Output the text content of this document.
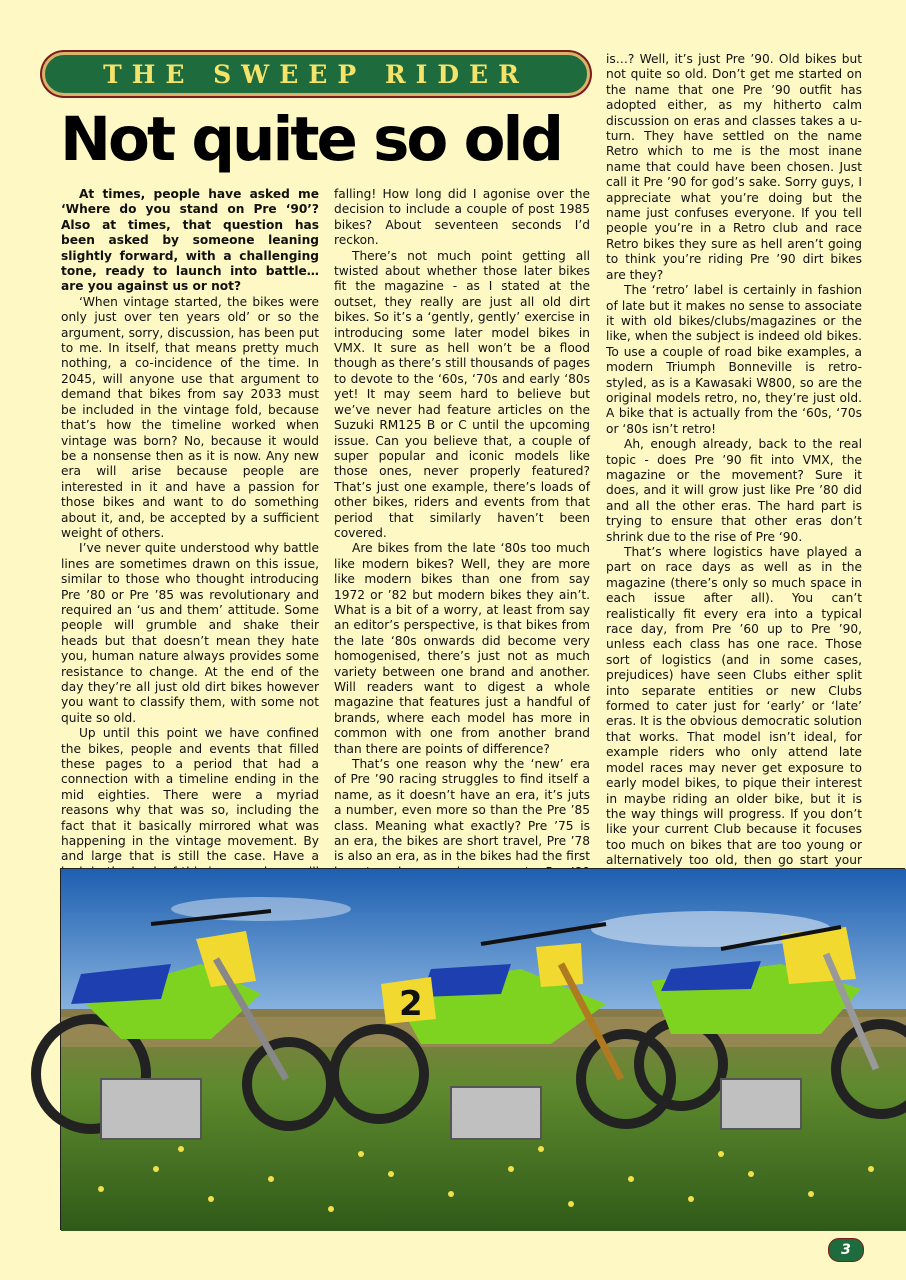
THE SWEEP RIDER
Not quite so old

At times, people have asked me ‘Where do you stand on Pre ‘90’? Also at times, that question has been asked by someone leaning slightly forward, with a challenging tone, ready to launch into battle… are you against us or not?

‘When vintage started, the bikes were only just over ten years old’ or so the argument, sorry, discussion, has been put to me. In itself, that means pretty much nothing, a co-incidence of the time. In 2045, will anyone use that argument to demand that bikes from say 2033 must be included in the vintage fold, because that’s how the timeline worked when vintage was born? No, because it would be a nonsense then as it is now. Any new era will arise because people are interested in it and have a passion for those bikes and want to do something about it, and, be accepted by a sufficient weight of others.

I’ve never quite understood why battle lines are sometimes drawn on this issue, similar to those who thought introducing Pre ’80 or Pre ’85 was revolutionary and required an ‘us and them’ attitude. Some people will grumble and shake their heads but that doesn’t mean they hate you, human nature always provides some resistance to change. At the end of the day they’re all just old dirt bikes however you want to classify them, with some not quite so old.

Up until this point we have confined the bikes, people and events that filled these pages to a period that had a connection with a timeline ending in the mid eighties. There were a myriad reasons why that was so, including the fact that it basically mirrored what was happening in the vintage movement. By and large that is still the case. Have a

falling! How long did I agonise over the decision to include a couple of post 1985 bikes? About seventeen seconds I’d reckon.

There’s not much point getting all twisted about whether those later bikes fit the magazine - as I stated at the outset, they really are just all old dirt bikes. So it’s a ‘gently, gently’ exercise in introducing some later model bikes in VMX. It sure as hell won’t be a flood though as there’s still thousands of pages to devote to the ‘60s, ‘70s and early ‘80s yet! It may seem hard to believe but we’ve never had feature articles on the Suzuki RM125 B or C until the upcoming issue. Can you believe that, a couple of super popular and iconic models like those ones, never properly featured? That’s just one example, there’s loads of other bikes, riders and events from that period that similarly haven’t been covered.

Are bikes from the late ‘80s too much like modern bikes? Well, they are more like modern bikes than one from say 1972 or ’82 but modern bikes they ain’t. What is a bit of a worry, at least from say an editor’s perspective, is that bikes from the late ‘80s onwards did become very homogenised, there’s just not as much variety between one brand and another. Will readers want to digest a whole magazine that features just a handful of brands, where each model has more in common with one from another brand than there are points of difference?

That’s one reason why the ‘new’ era of Pre ’90 racing struggles to find itself a name, as it doesn’t have an era, it’s juts a number, even more so than the Pre ’85 class. Meaning what exactly? Pre ’75 is an era, the bikes are short travel, Pre ’78 is also an era, as in the bikes had the first

is…? Well, it’s just Pre ’90. Old bikes but not quite so old. Don’t get me started on the name that one Pre ’90 outfit has adopted either, as my hitherto calm discussion on eras and classes takes a u-turn. They have settled on the name Retro which to me is the most inane name that could have been chosen. Just call it Pre ’90 for god’s sake. Sorry guys, I appreciate what you’re doing but the name just confuses everyone. If you tell people you’re in a Retro club and race Retro bikes they sure as hell aren’t going to think you’re riding Pre ’90 dirt bikes are they?

The ‘retro’ label is certainly in fashion of late but it makes no sense to associate it with old bikes/clubs/magazines or the like, when the subject is indeed old bikes. To use a couple of road bike examples, a modern Triumph Bonneville is retro-styled, as is a Kawasaki W800, so are the original models retro, no, they’re just old. A bike that is actually from the ‘60s, ‘70s or ‘80s isn’t retro!

Ah, enough already, back to the real topic - does Pre ’90 fit into VMX, the magazine or the movement? Sure it does, and it will grow just like Pre ’80 did and all the other eras. The hard part is trying to ensure that other eras don’t shrink due to the rise of Pre ‘90.

That’s where logistics have played a part on race days as well as in the magazine (there’s only so much space in each issue after all). You can’t realistically fit every era into a typical race day, from Pre ’60 up to Pre ’90, unless each class has one race. Those sort of logistics (and in some cases, prejudices) have seen Clubs either split into separate entities or new Clubs formed to cater just for ‘early’ or ‘late’ eras. It is the obvious democratic solution that works. That model isn’t ideal, for example riders who only attend late model races may never get exposure to early model bikes, to pique their interest in maybe riding an older bike, but it is the way things will progress. If you don’t like your current Club because it focuses too much on bikes that are too young or alternatively too old, then go start your

2
3
